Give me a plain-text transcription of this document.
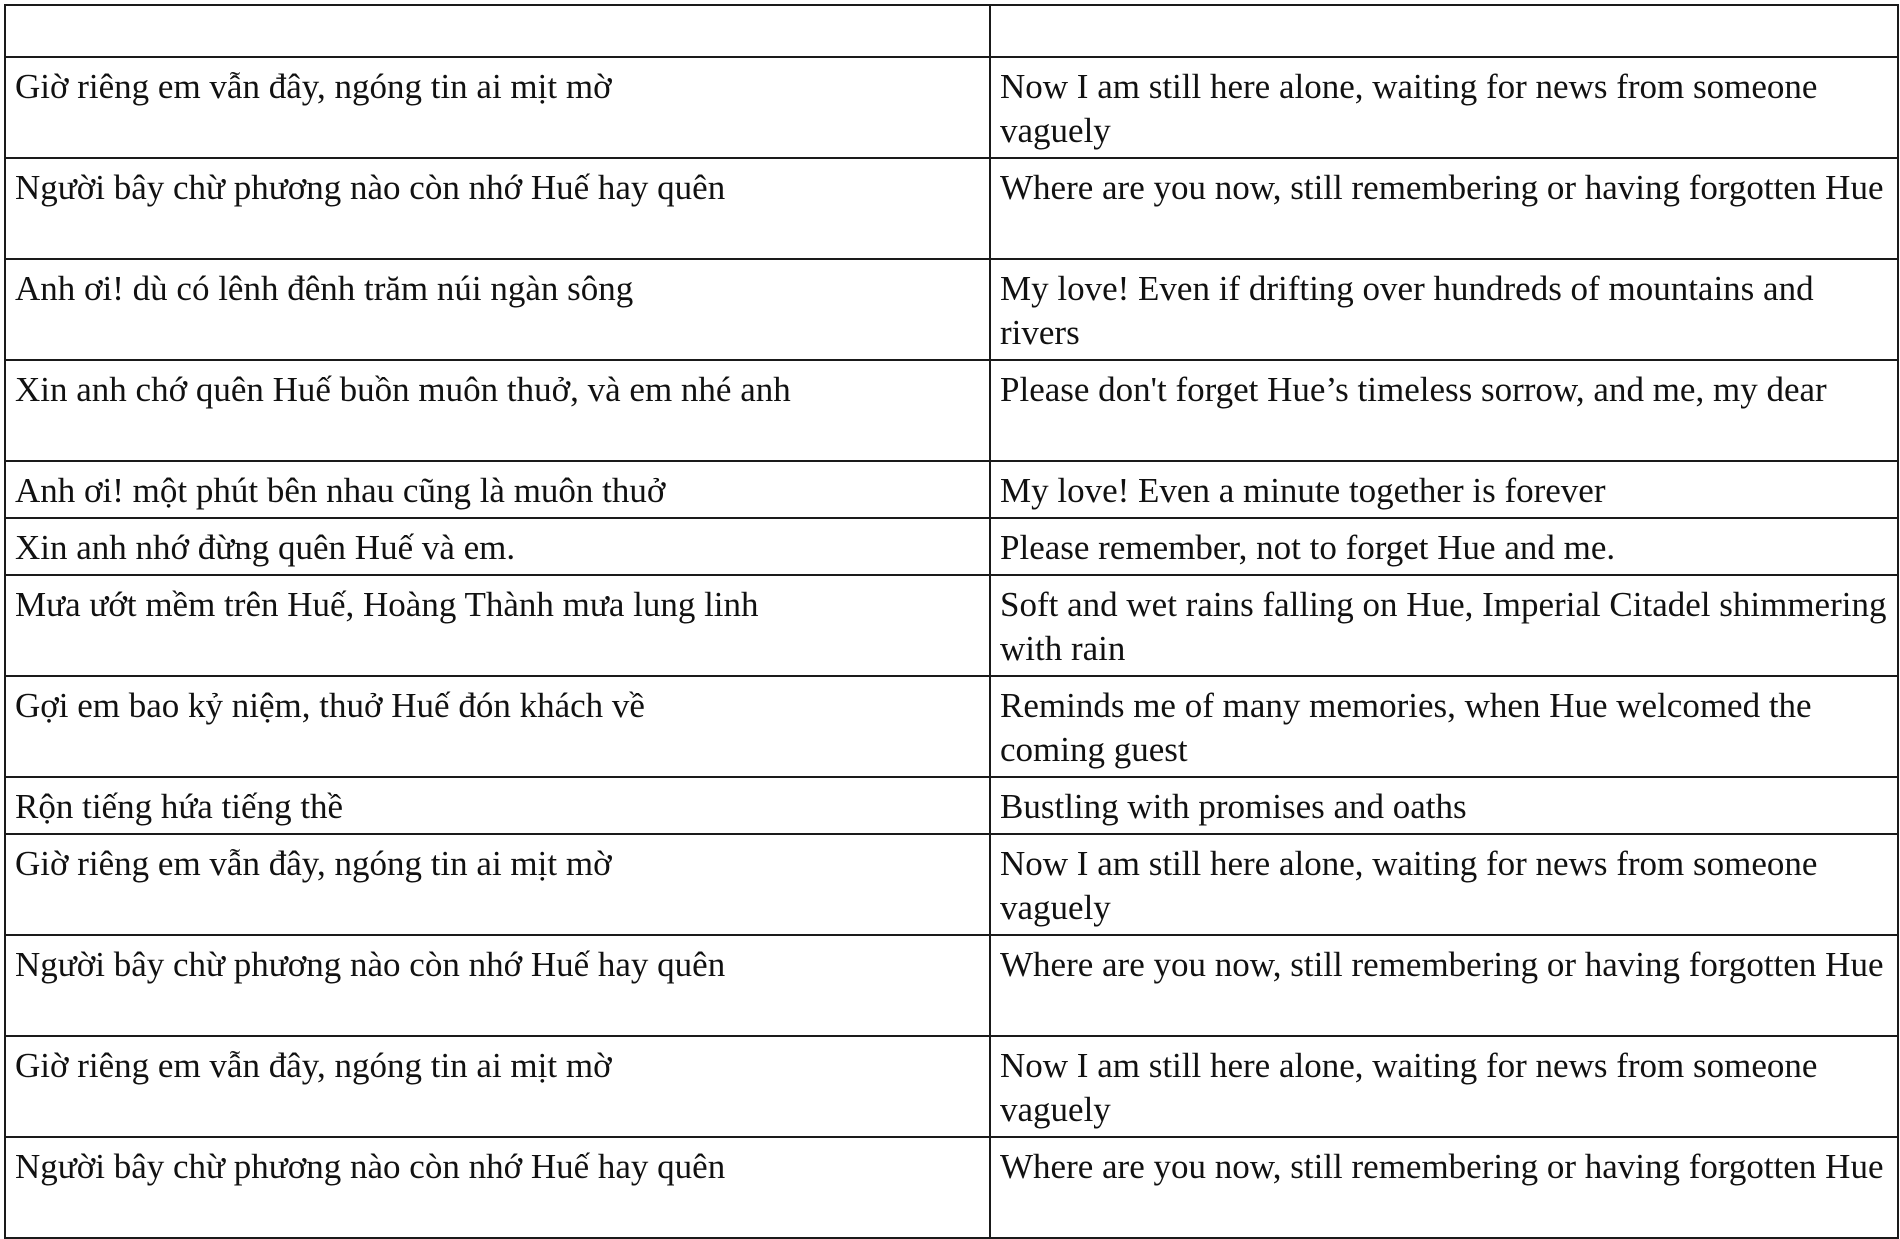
Giờ riêng em vẫn đây, ngóng tin ai mịt mờ	Now I am still here alone, waiting for news from someone vaguely
Người bây chừ phương nào còn nhớ Huế hay quên	Where are you now, still remembering or having forgotten Hue
Anh ơi! dù có lênh đênh trăm núi ngàn sông	My love! Even if drifting over hundreds of mountains and rivers
Xin anh chớ quên Huế buồn muôn thuở, và em nhé anh	Please don't forget Hue’s timeless sorrow, and me, my dear
Anh ơi! một phút bên nhau cũng là muôn thuở	My love! Even a minute together is forever
Xin anh nhớ đừng quên Huế và em.	Please remember, not to forget Hue and me.
Mưa ướt mềm trên Huế, Hoàng Thành mưa lung linh	Soft and wet rains falling on Hue, Imperial Citadel shimmering with rain
Gợi em bao kỷ niệm, thuở Huế đón khách về	Reminds me of many memories, when Hue welcomed the coming guest
Rộn tiếng hứa tiếng thề	Bustling with promises and oaths
Giờ riêng em vẫn đây, ngóng tin ai mịt mờ	Now I am still here alone, waiting for news from someone vaguely
Người bây chừ phương nào còn nhớ Huế hay quên	Where are you now, still remembering or having forgotten Hue
Giờ riêng em vẫn đây, ngóng tin ai mịt mờ	Now I am still here alone, waiting for news from someone vaguely
Người bây chừ phương nào còn nhớ Huế hay quên	Where are you now, still remembering or having forgotten Hue
